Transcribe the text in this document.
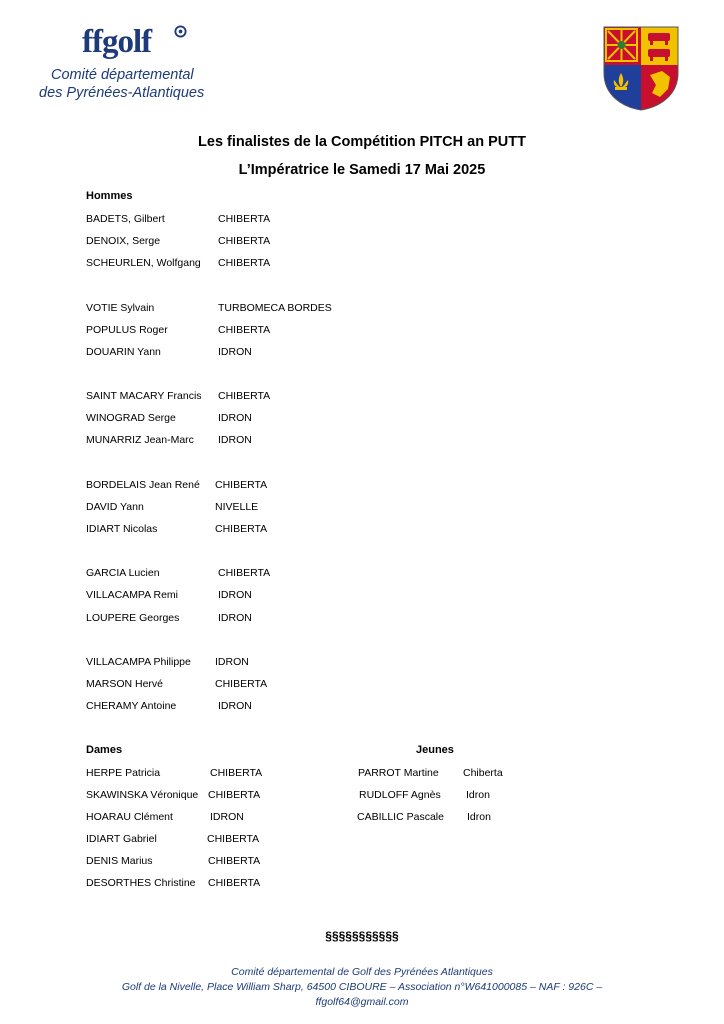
ffgolf
Comité départemental
des Pyrénées-Atlantiques
Les finalistes de la Compétition PITCH an PUTT
L’Impératrice le Samedi 17 Mai 2025
Hommes
BADETS, Gilbert	CHIBERTA
DENOIX, Serge	CHIBERTA
SCHEURLEN, Wolfgang CHIBERTA
VOTIE Sylvain	TURBOMECA BORDES
POPULUS Roger	CHIBERTA
DOUARIN Yann	IDRON
SAINT MACARY Francis CHIBERTA
WINOGRAD Serge	IDRON
MUNARRIZ Jean-Marc IDRON
BORDELAIS Jean René CHIBERTA
DAVID Yann	NIVELLE
IDIART Nicolas	CHIBERTA
GARCIA Lucien	CHIBERTA
VILLACAMPA Remi	IDRON
LOUPERE Georges	IDRON
VILLACAMPA Philippe IDRON
MARSON Hervé	CHIBERTA
CHERAMY Antoine	IDRON
Dames
HERPE Patricia	CHIBERTA
SKAWINSKA Véronique CHIBERTA
HOARAU Clément	IDRON
IDIART Gabriel	CHIBERTA
DENIS Marius	CHIBERTA
DESORTHES Christine CHIBERTA
Jeunes
PARROT Martine Chiberta
RUDLOFF Agnès Idron
CABILLIC Pascale Idron
§§§§§§§§§§§
Comité départemental de Golf des Pyrénées Atlantiques
Golf de la Nivelle, Place William Sharp, 64500 CIBOURE – Association n°W641000085 – NAF : 926C –
ffgolf64@gmail.com
